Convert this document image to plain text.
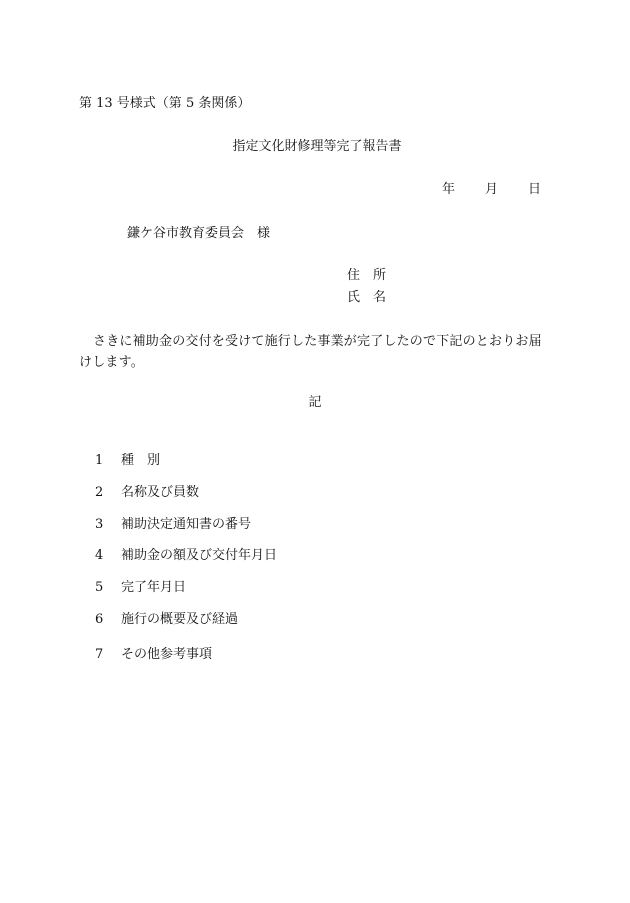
第 13 号様式（第 5 条関係）
指定文化財修理等完了報告書
年 月 日
鎌ケ谷市教育委員会　様
住　所
氏　名
さきに補助金の交付を受けて施行した事業が完了したので下記のとおりお届けします。
記
1 種　別
2 名称及び員数
3 補助決定通知書の番号
4 補助金の額及び交付年月日
5 完了年月日
6 施行の概要及び経過
7 その他参考事項
